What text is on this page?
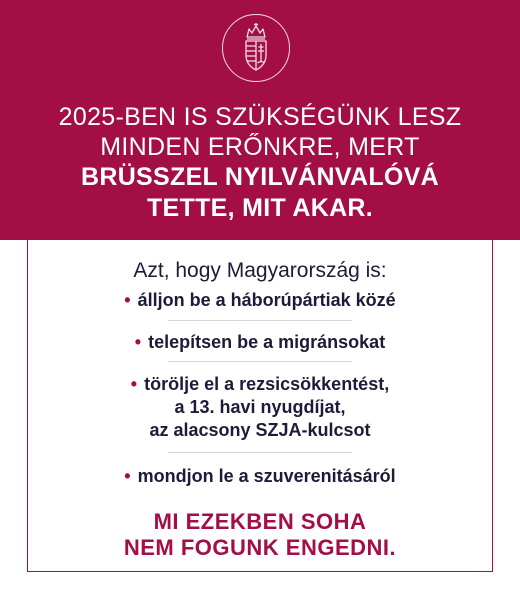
2025-BEN IS SZÜKSÉGÜNK LESZ
MINDEN ERŐNKRE, MERT
BRÜSSZEL NYILVÁNVALÓVÁ
TETTE, MIT AKAR.
Azt, hogy Magyarország is:
• álljon be a háborúpártiak közé
• telepítsen be a migránsokat
• törölje el a rezsicsökkentést,
a 13. havi nyugdíjat,
az alacsony SZJA-kulcsot
• mondjon le a szuverenitásáról
MI EZEKBEN SOHA
NEM FOGUNK ENGEDNI.
